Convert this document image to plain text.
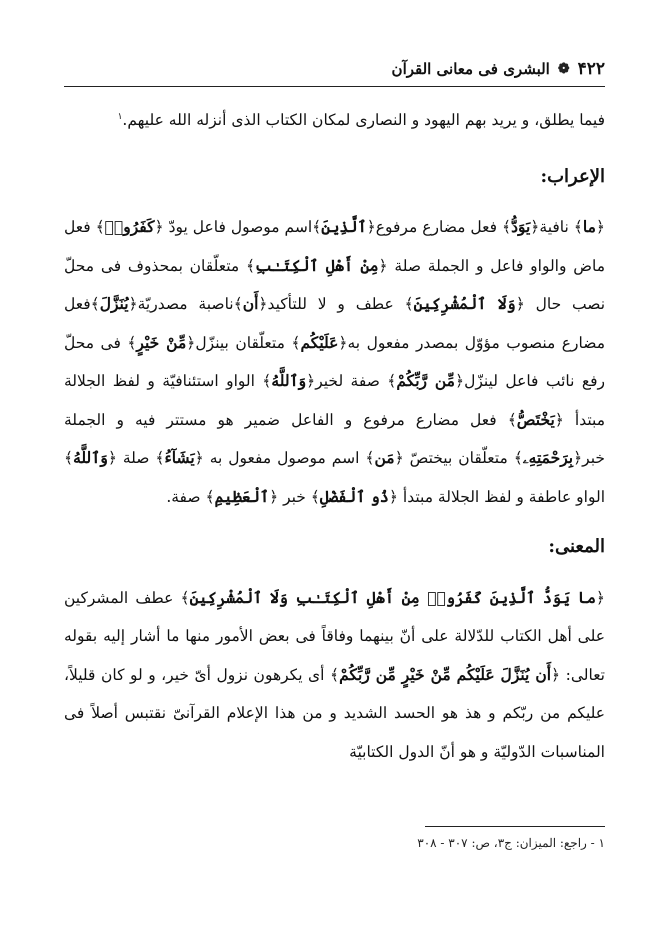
۴۲۲
❁
البشری فی معانی القرآن

فیما یطلق، و یرید بهم الیهود و النصاری لمکان الکتاب الذی أنزله الله علیهم.$^۱$

الإعراب:

﴿ما﴾ نافیة﴿یَوَدُّ﴾ فعل مضارع مرفوع﴿ٱلَّذِینَ﴾اسم موصول فاعل یودّ ﴿کَفَرُوا۟﴾ فعل ماض والواو فاعل و الجملة صلة ﴿مِنْ أَهْلِ ٱلْکِتَـٰبِ﴾ متعلّقان بمحذوف فی محلّ نصب حال ﴿وَلَا ٱلْمُشْرِکِینَ﴾ عطف و لا للتأکید﴿أَن﴾ناصبة مصدریّة﴿یُنَزَّلَ﴾فعل مضارع منصوب مؤوّل بمصدر مفعول به﴿عَلَیْکُم﴾ متعلّقان بینزّل﴿مِّنْ خَیْرٍ﴾ فی محلّ رفع نائب فاعل لینزّل﴿مِّن رَّبِّکُمْ﴾ صفة لخیر﴿وَٱللَّهُ﴾ الواو استئنافیّة و لفظ الجلالة مبتدأ ﴿یَخْتَصُّ﴾ فعل مضارع مرفوع و الفاعل ضمیر هو مستتر فیه و الجملة خبر﴿بِرَحْمَتِهِۦ﴾ متعلّقان بیختصّ ﴿مَن﴾ اسم موصول مفعول به ﴿یَشَآءُ﴾ صلة ﴿وَٱللَّهُ﴾ الواو عاطفة و لفظ الجلالة مبتدأ ﴿ذُو ٱلْفَضْلِ﴾ خبر ﴿ٱلْعَظِیمِ﴾ صفة.

المعنی:

﴿ما یَوَدُّ ٱلَّذِینَ کَفَرُوا۟ مِنْ أَهْلِ ٱلْکِتَـٰبِ وَلَا ٱلْمُشْرِکِینَ﴾ عطف المشرکین علی أهل الکتاب للدّلالة علی أنّ بینهما وفاقاً فی بعض الأمور منها ما أشار إلیه بقوله تعالی: ﴿أَن یُنَزَّلَ عَلَیْکُم مِّنْ خَیْرٍ مِّن رَّبِّکُمْ﴾ أی یکرهون نزول أیّ خیر، و لو کان قلیلاً، علیکم من ربّکم و هذ هو الحسد الشدید و من هذا الإعلام القرآنیّ نقتبس أصلاً فی المناسبات الدّولیّة و هو أنّ الدول الکتابیّة

۱ - راجع: المیزان: ج۳، ص: ۳۰۷ - ۳۰۸
